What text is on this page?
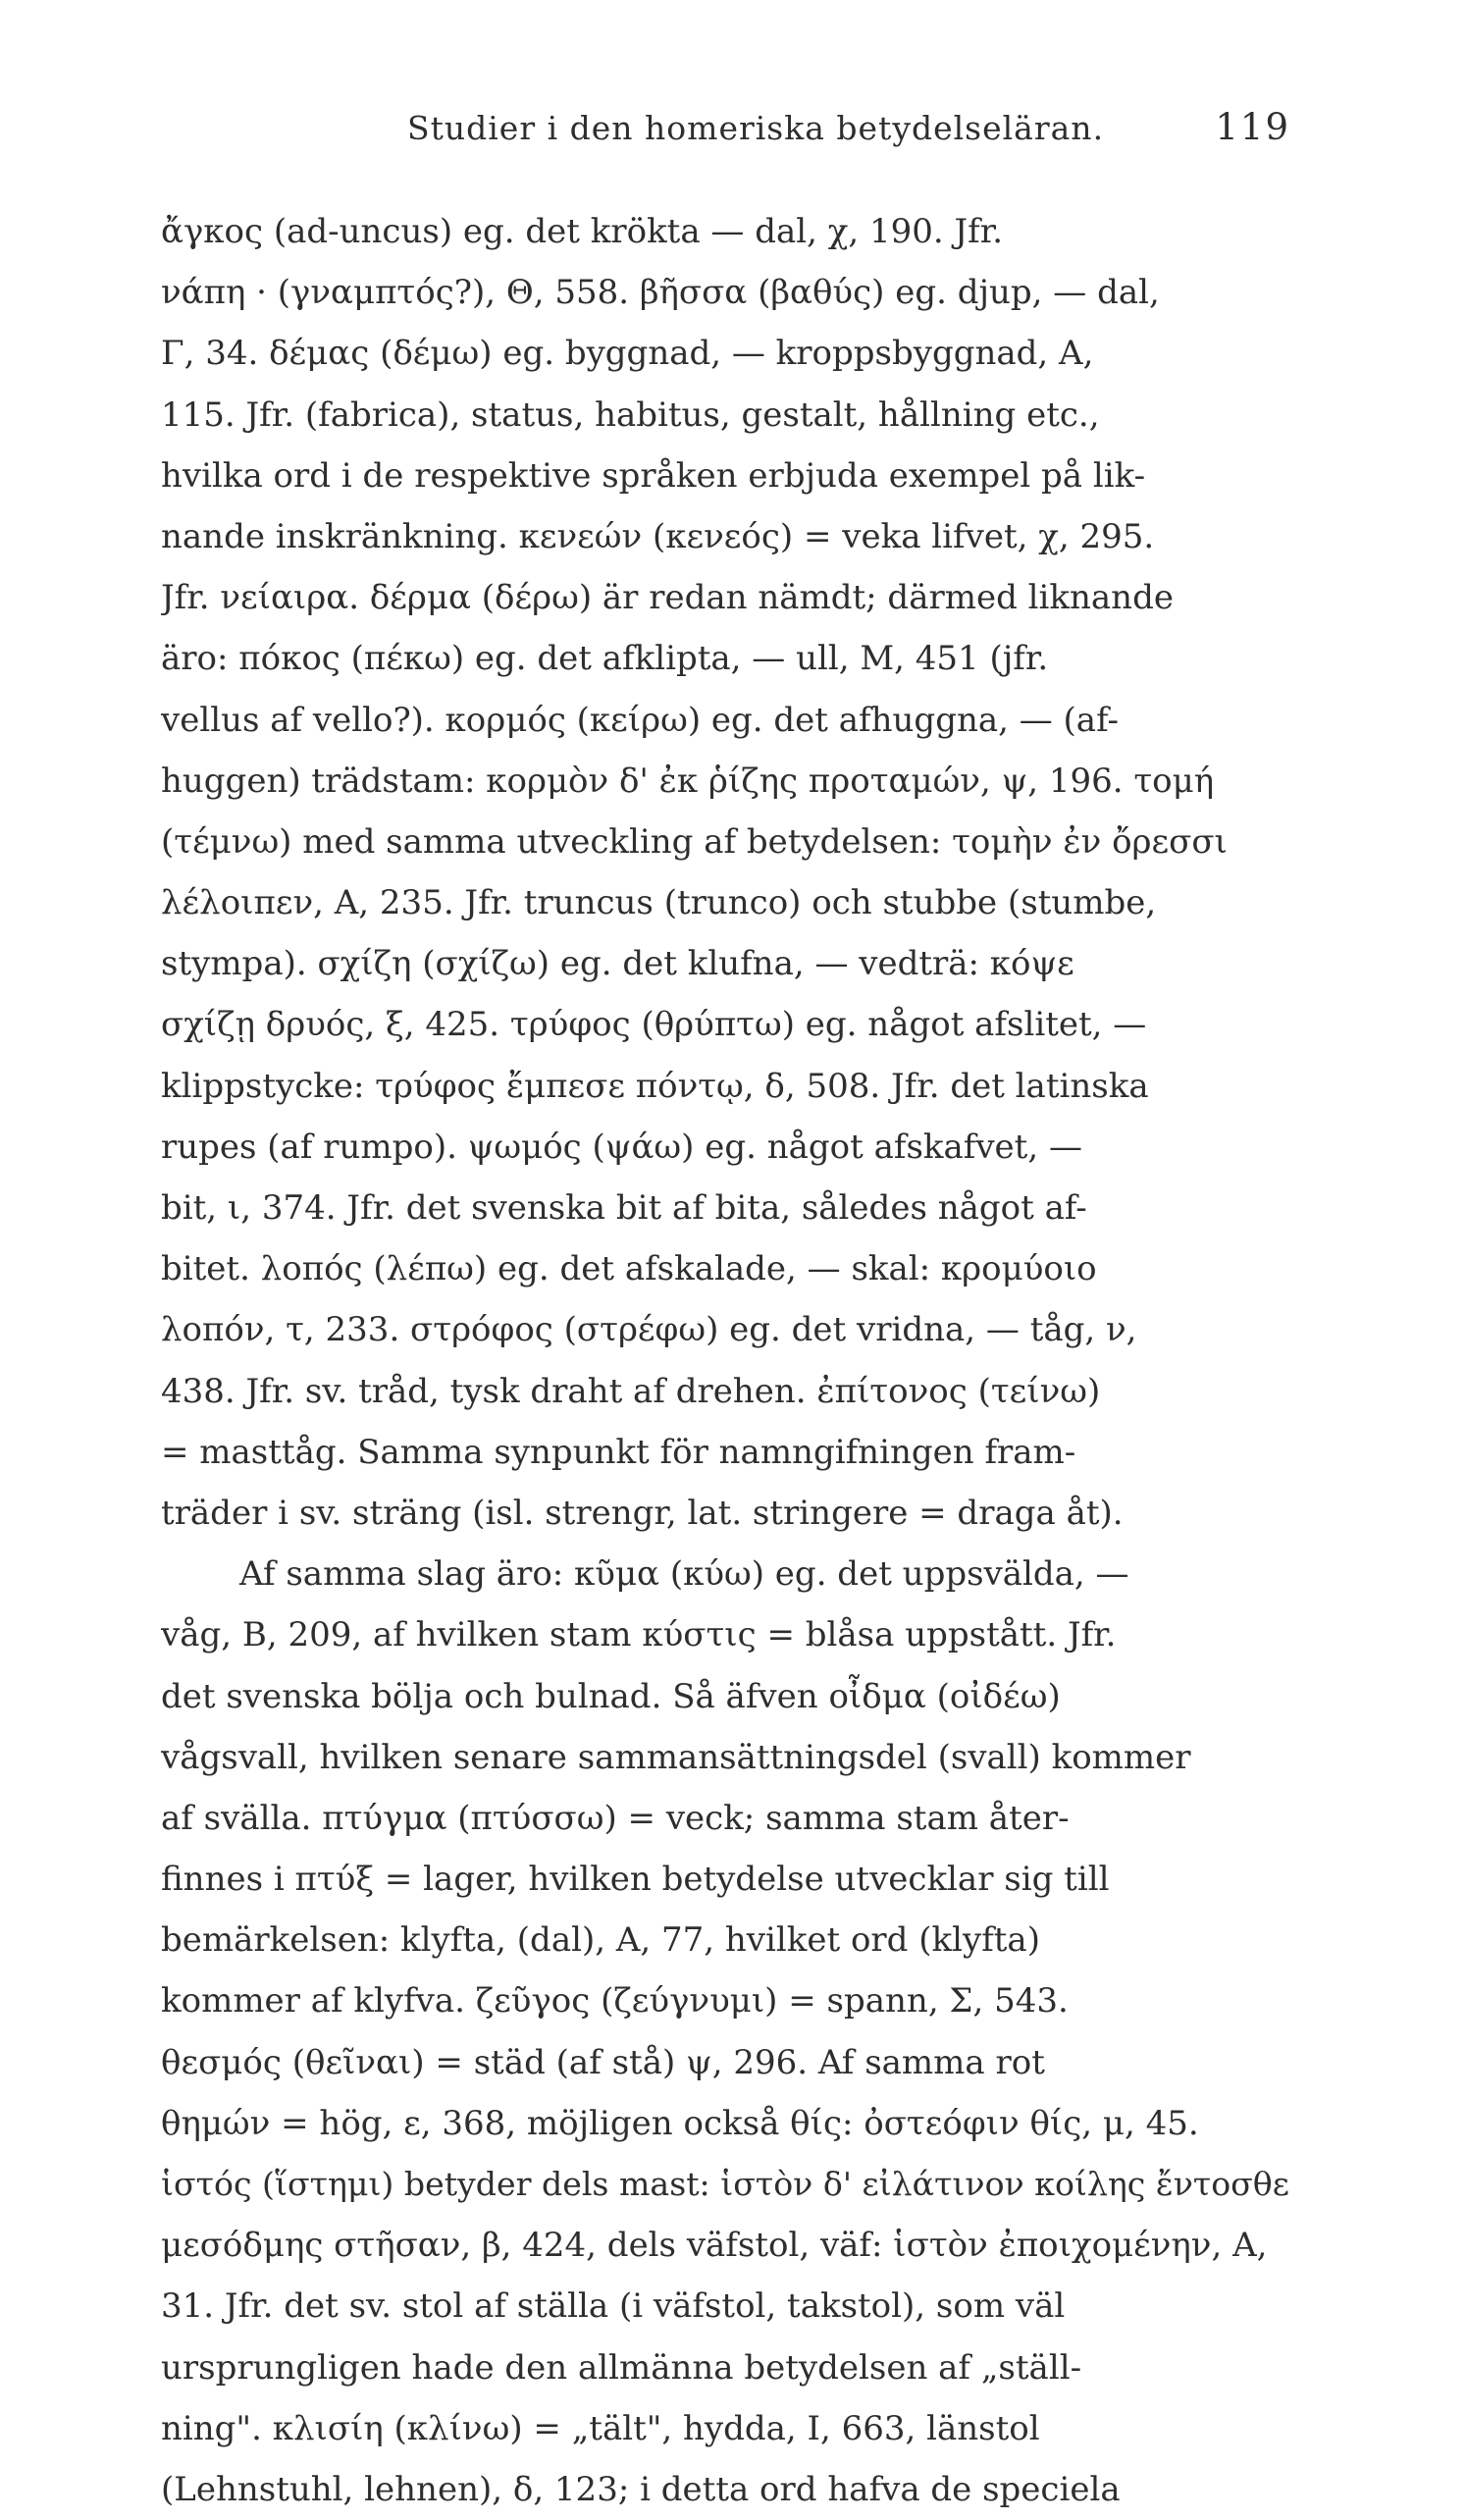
Studier i den homeriska betydelseläran.	119
ἄγκος (ad-uncus) eg. det krökta — dal, χ, 190. Jfr.
νάπη · (γναμπτός?), Θ, 558. βῆσσα (βαθύς) eg. djup, — dal,
Γ, 34. δέμας (δέμω) eg. byggnad, — kroppsbyggnad, Α,
115. Jfr. (fabrica), status, habitus, gestalt, hållning etc.,
hvilka ord i de respektive språken erbjuda exempel på lik-
nande inskränkning. κενεών (κενεός) = veka lifvet, χ, 295.
Jfr. νείαιρα. δέρμα (δέρω) är redan nämdt; därmed liknande
äro: πόκος (πέκω) eg. det afklipta, — ull, Μ, 451 (jfr.
vellus af vello?). κορμός (κείρω) eg. det afhuggna, — (af-
huggen) trädstam: κορμὸν δ' ἐκ ῥίζης προταμών, ψ, 196. τομή
(τέμνω) med samma utveckling af betydelsen: τομὴν ἐν ὄρεσσι
λέλοιπεν, Α, 235. Jfr. truncus (trunco) och stubbe (stumbe,
stympa). σχίζη (σχίζω) eg. det klufna, — vedträ: κόψε
σχίζῃ δρυός, ξ, 425. τρύφος (θρύπτω) eg. något afslitet, —
klippstycke: τρύφος ἔμπεσε πόντῳ, δ, 508. Jfr. det latinska
rupes (af rumpo). ψωμός (ψάω) eg. något afskafvet, —
bit, ι, 374. Jfr. det svenska bit af bita, således något af-
bitet. λοπός (λέπω) eg. det afskalade, — skal: κρομύοιο
λοπόν, τ, 233. στρόφος (στρέφω) eg. det vridna, — tåg, ν,
438. Jfr. sv. tråd, tysk draht af drehen. ἐπίτονος (τείνω)
= masttåg. Samma synpunkt för namngifningen fram-
träder i sv. sträng (isl. strengr, lat. stringere = draga åt).
Af samma slag äro: κῦμα (κύω) eg. det uppsvälda, —
våg, Β, 209, af hvilken stam κύστις = blåsa uppstått. Jfr.
det svenska bölja och bulnad. Så äfven οἶδμα (οἰδέω)
vågsvall, hvilken senare sammansättningsdel (svall) kommer
af svälla. πτύγμα (πτύσσω) = veck; samma stam åter-
finnes i πτύξ = lager, hvilken betydelse utvecklar sig till
bemärkelsen: klyfta, (dal), Α, 77, hvilket ord (klyfta)
kommer af klyfva. ζεῦγος (ζεύγνυμι) = spann, Σ, 543.
θεσμός (θεῖναι) = städ (af stå) ψ, 296. Af samma rot
θημών = hög, ε, 368, möjligen också θίς: ὀστεόφιν θίς, μ, 45.
ἱστός (ἵστημι) betyder dels mast: ἱστὸν δ' εἰλάτινον κοίλης ἔντοσθε
μεσόδμης στῆσαν, β, 424, dels väfstol, väf: ἱστὸν ἐποιχομένην, Α,
31. Jfr. det sv. stol af ställa (i väfstol, takstol), som väl
ursprungligen hade den allmänna betydelsen af „ställ-
ning". κλισίη (κλίνω) = „tält", hydda, Ι, 663, länstol
(Lehnstuhl, lehnen), δ, 123; i detta ord hafva de speciela
